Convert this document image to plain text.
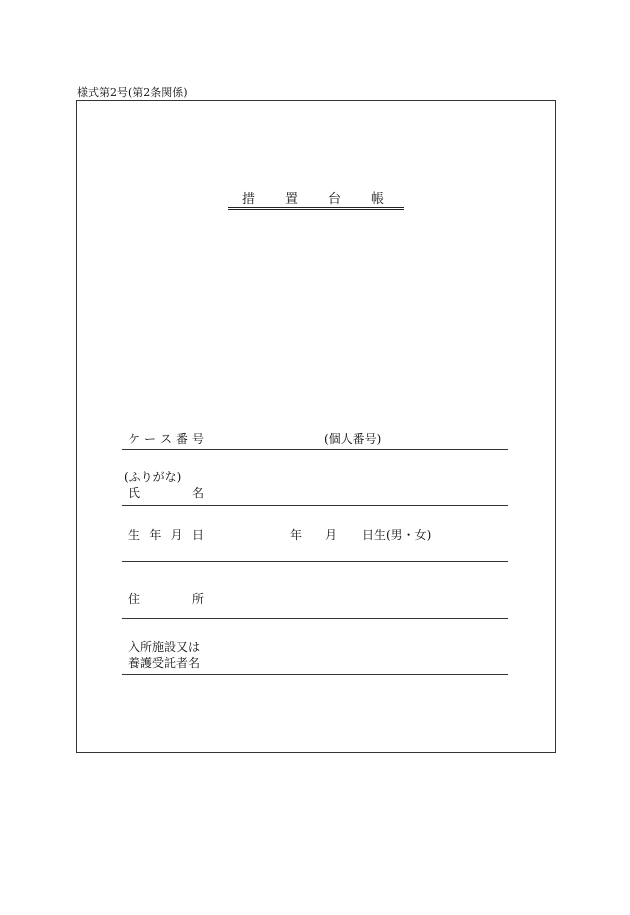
様式第2号(第2条関係)
措 置 台 帳
ケ ー ス 番 号	(個人番号)
(ふりがな)
氏	名
生 年 月 日	年 月 日生(男・女)
住	所
入所施設又は
養護受託者名
